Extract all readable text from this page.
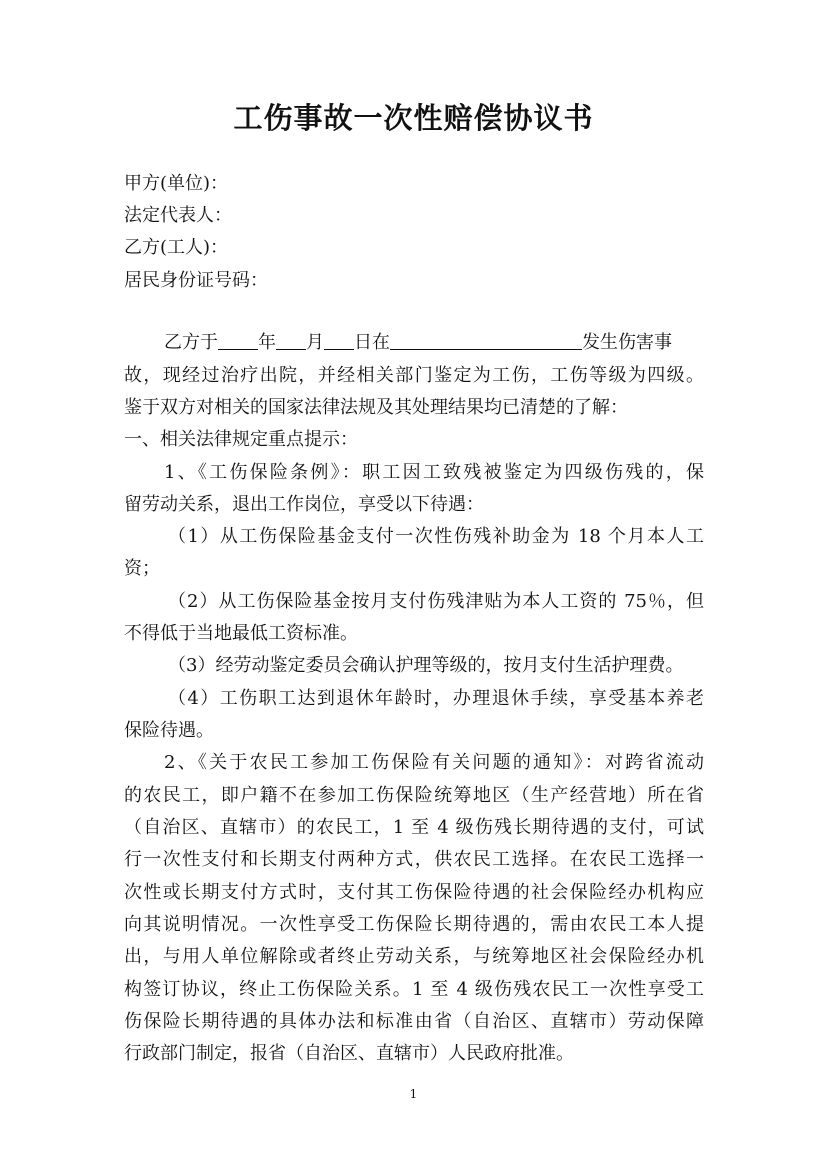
工伤事故一次性赔偿协议书
甲方(单位)：
法定代表人：
乙方(工人)：
居民身份证号码：
乙方于 年 月 日在	发生伤害事
故，现经过治疗出院，并经相关部门鉴定为工伤，工伤等级为四级。
鉴于双方对相关的国家法律法规及其处理结果均已清楚的了解：
一、相关法律规定重点提示：
1、《工伤保险条例》：职工因工致残被鉴定为四级伤残的，保
留劳动关系，退出工作岗位，享受以下待遇：
（1）从工伤保险基金支付一次性伤残补助金为 18 个月本人工
资；
（2）从工伤保险基金按月支付伤残津贴为本人工资的 75％，但
不得低于当地最低工资标准。
（3）经劳动鉴定委员会确认护理等级的，按月支付生活护理费。
（4）工伤职工达到退休年龄时，办理退休手续，享受基本养老
保险待遇。
2、《关于农民工参加工伤保险有关问题的通知》：对跨省流动
的农民工，即户籍不在参加工伤保险统筹地区（生产经营地）所在省
（自治区、直辖市）的农民工，1 至 4 级伤残长期待遇的支付，可试
行一次性支付和长期支付两种方式，供农民工选择。在农民工选择一
次性或长期支付方式时，支付其工伤保险待遇的社会保险经办机构应
向其说明情况。一次性享受工伤保险长期待遇的，需由农民工本人提
出，与用人单位解除或者终止劳动关系，与统筹地区社会保险经办机
构签订协议，终止工伤保险关系。1 至 4 级伤残农民工一次性享受工
伤保险长期待遇的具体办法和标准由省（自治区、直辖市）劳动保障
行政部门制定，报省（自治区、直辖市）人民政府批准。
1
